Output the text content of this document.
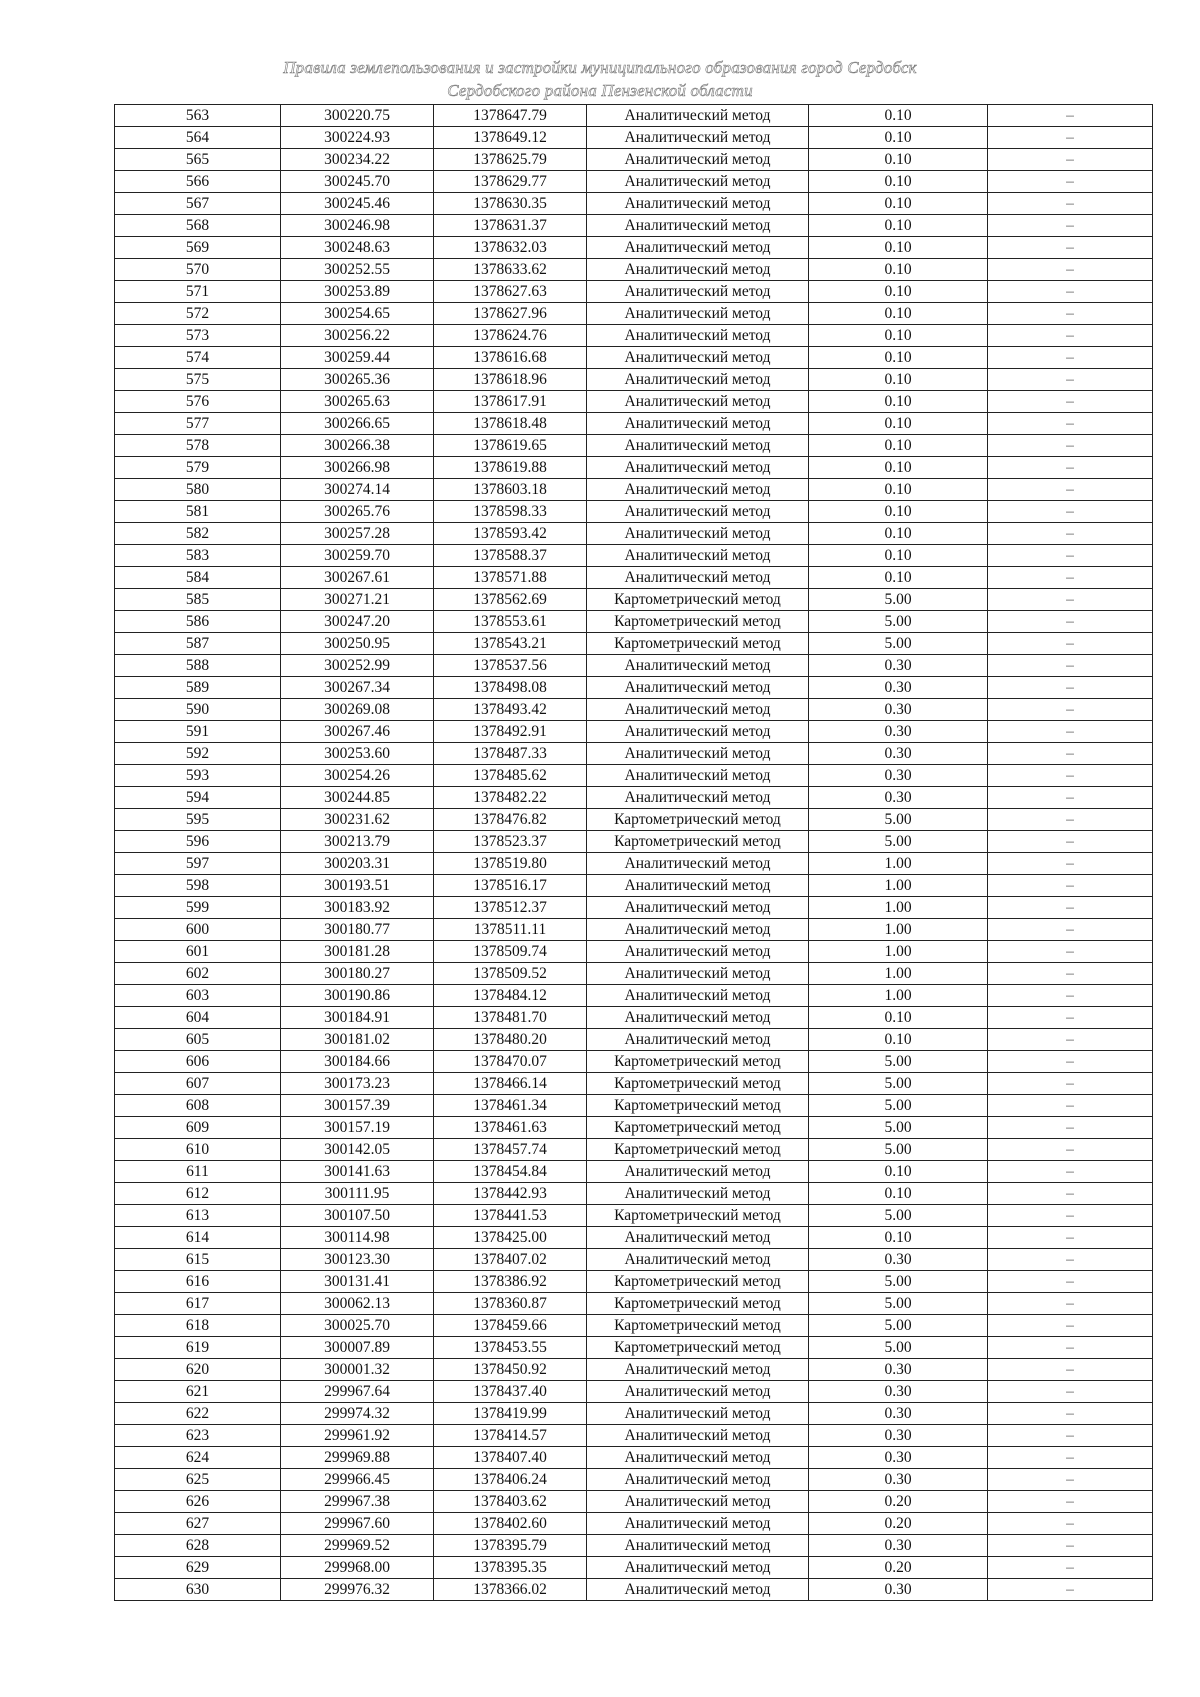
Правила землепользования и застройки муниципального образования город Сердобск
Сердобского района Пензенской области
563	300220.75	1378647.79	Аналитический метод	0.10	–
564	300224.93	1378649.12	Аналитический метод	0.10	–
565	300234.22	1378625.79	Аналитический метод	0.10	–
566	300245.70	1378629.77	Аналитический метод	0.10	–
567	300245.46	1378630.35	Аналитический метод	0.10	–
568	300246.98	1378631.37	Аналитический метод	0.10	–
569	300248.63	1378632.03	Аналитический метод	0.10	–
570	300252.55	1378633.62	Аналитический метод	0.10	–
571	300253.89	1378627.63	Аналитический метод	0.10	–
572	300254.65	1378627.96	Аналитический метод	0.10	–
573	300256.22	1378624.76	Аналитический метод	0.10	–
574	300259.44	1378616.68	Аналитический метод	0.10	–
575	300265.36	1378618.96	Аналитический метод	0.10	–
576	300265.63	1378617.91	Аналитический метод	0.10	–
577	300266.65	1378618.48	Аналитический метод	0.10	–
578	300266.38	1378619.65	Аналитический метод	0.10	–
579	300266.98	1378619.88	Аналитический метод	0.10	–
580	300274.14	1378603.18	Аналитический метод	0.10	–
581	300265.76	1378598.33	Аналитический метод	0.10	–
582	300257.28	1378593.42	Аналитический метод	0.10	–
583	300259.70	1378588.37	Аналитический метод	0.10	–
584	300267.61	1378571.88	Аналитический метод	0.10	–
585	300271.21	1378562.69	Картометрический метод	5.00	–
586	300247.20	1378553.61	Картометрический метод	5.00	–
587	300250.95	1378543.21	Картометрический метод	5.00	–
588	300252.99	1378537.56	Аналитический метод	0.30	–
589	300267.34	1378498.08	Аналитический метод	0.30	–
590	300269.08	1378493.42	Аналитический метод	0.30	–
591	300267.46	1378492.91	Аналитический метод	0.30	–
592	300253.60	1378487.33	Аналитический метод	0.30	–
593	300254.26	1378485.62	Аналитический метод	0.30	–
594	300244.85	1378482.22	Аналитический метод	0.30	–
595	300231.62	1378476.82	Картометрический метод	5.00	–
596	300213.79	1378523.37	Картометрический метод	5.00	–
597	300203.31	1378519.80	Аналитический метод	1.00	–
598	300193.51	1378516.17	Аналитический метод	1.00	–
599	300183.92	1378512.37	Аналитический метод	1.00	–
600	300180.77	1378511.11	Аналитический метод	1.00	–
601	300181.28	1378509.74	Аналитический метод	1.00	–
602	300180.27	1378509.52	Аналитический метод	1.00	–
603	300190.86	1378484.12	Аналитический метод	1.00	–
604	300184.91	1378481.70	Аналитический метод	0.10	–
605	300181.02	1378480.20	Аналитический метод	0.10	–
606	300184.66	1378470.07	Картометрический метод	5.00	–
607	300173.23	1378466.14	Картометрический метод	5.00	–
608	300157.39	1378461.34	Картометрический метод	5.00	–
609	300157.19	1378461.63	Картометрический метод	5.00	–
610	300142.05	1378457.74	Картометрический метод	5.00	–
611	300141.63	1378454.84	Аналитический метод	0.10	–
612	300111.95	1378442.93	Аналитический метод	0.10	–
613	300107.50	1378441.53	Картометрический метод	5.00	–
614	300114.98	1378425.00	Аналитический метод	0.10	–
615	300123.30	1378407.02	Аналитический метод	0.30	–
616	300131.41	1378386.92	Картометрический метод	5.00	–
617	300062.13	1378360.87	Картометрический метод	5.00	–
618	300025.70	1378459.66	Картометрический метод	5.00	–
619	300007.89	1378453.55	Картометрический метод	5.00	–
620	300001.32	1378450.92	Аналитический метод	0.30	–
621	299967.64	1378437.40	Аналитический метод	0.30	–
622	299974.32	1378419.99	Аналитический метод	0.30	–
623	299961.92	1378414.57	Аналитический метод	0.30	–
624	299969.88	1378407.40	Аналитический метод	0.30	–
625	299966.45	1378406.24	Аналитический метод	0.30	–
626	299967.38	1378403.62	Аналитический метод	0.20	–
627	299967.60	1378402.60	Аналитический метод	0.20	–
628	299969.52	1378395.79	Аналитический метод	0.30	–
629	299968.00	1378395.35	Аналитический метод	0.20	–
630	299976.32	1378366.02	Аналитический метод	0.30	–
